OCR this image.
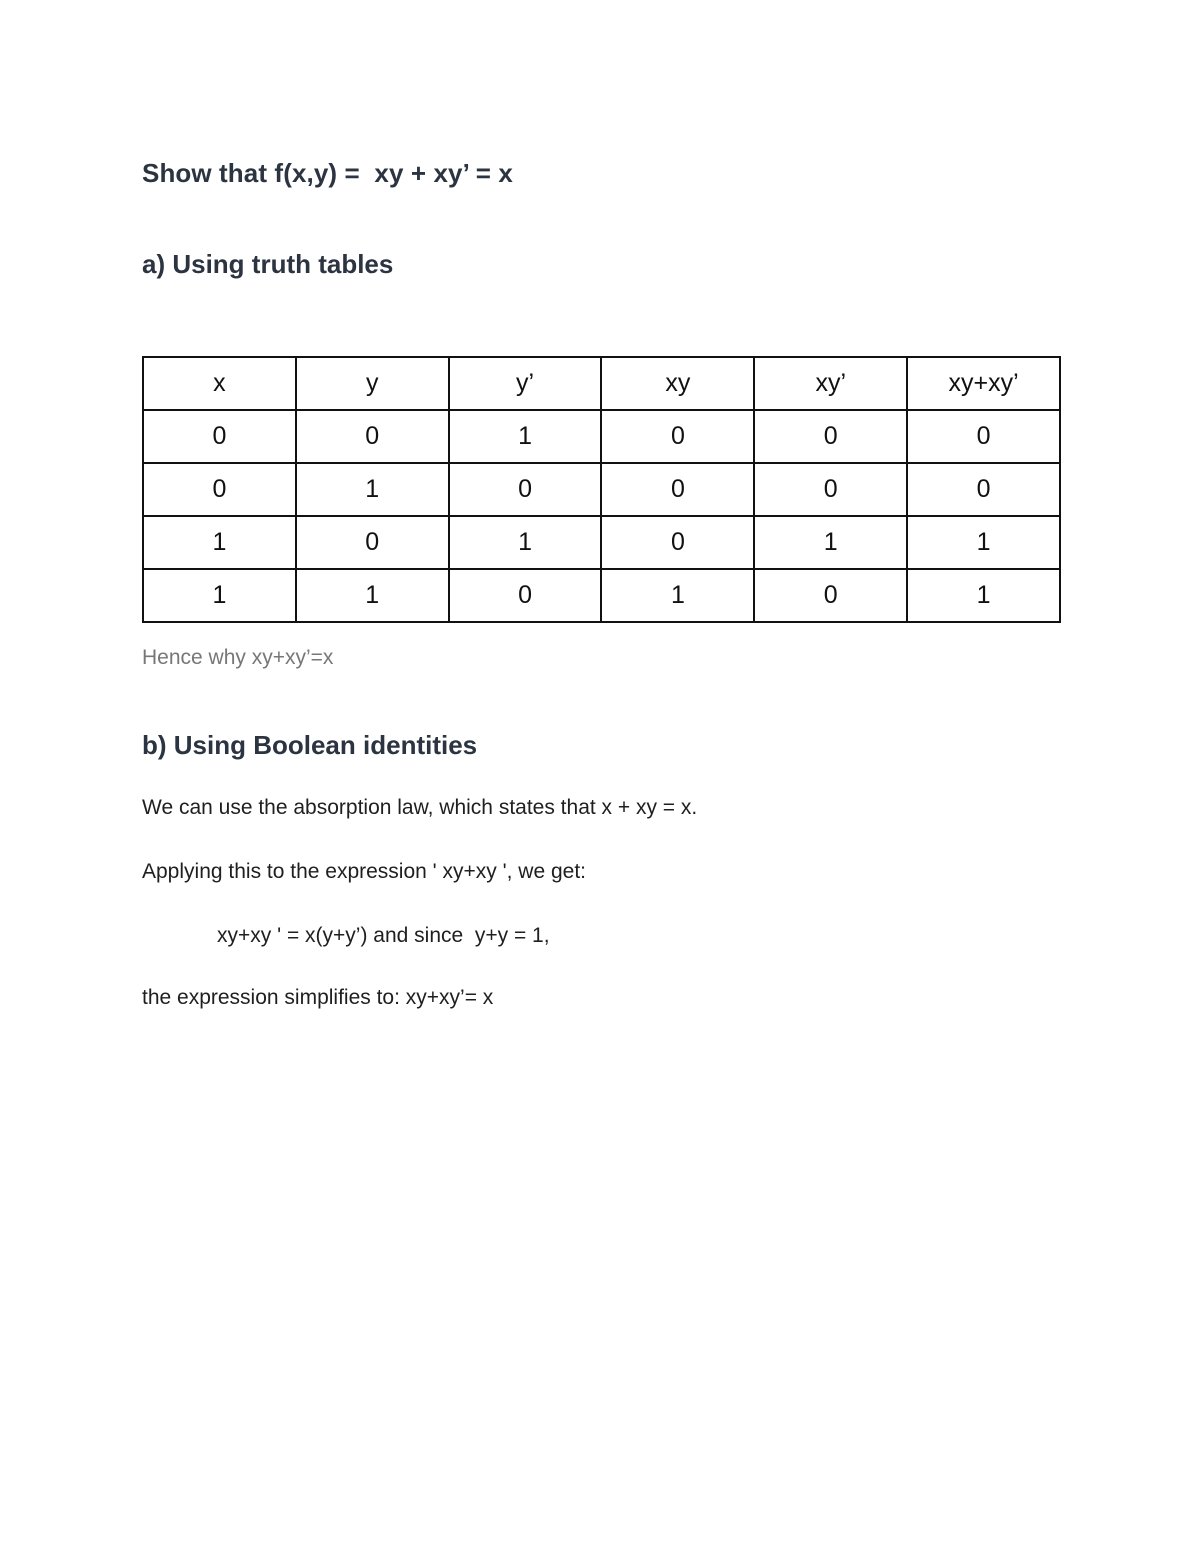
Show that f(x,y) =  xy + xy’ = x
a) Using truth tables
x	y	y’	xy	xy’	xy+xy’
0	0	1	0	0	0
0	1	0	0	0	0
1	0	1	0	1	1
1	1	0	1	0	1
Hence why xy+xy’=x
b) Using Boolean identities
We can use the absorption law, which states that x + xy = x.
Applying this to the expression ' xy+xy ', we get:
xy+xy ' = x(y+y’) and since  y+y = 1,
the expression simplifies to: xy+xy’= x
